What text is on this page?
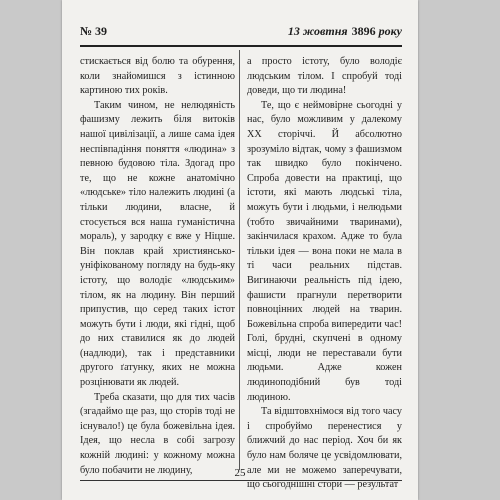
№ 39	13 жовтня 3896 року

стискається від болю та обурення, коли знайомишся з істинною картиною тих років.

Таким чином, не нелюдяність фашизму лежить біля витоків нашої цивілізації, а лише сама ідея неспівпадіння поняття «людина» з певною будовою тіла. Здогад про те, що не кожне анатомічно «людське» тіло належить людині (а тільки людини, власне, й стосується вся наша гуманістична мораль), у зародку є вже у Ніцше. Він поклав край християнсько-уніфікованому погляду на будь-яку істоту, що володіє «людським» тілом, як на людину. Він перший припустив, що серед таких істот можуть бути і люди, які гідні, щоб до них ставилися як до людей (надлюди), так і представники другого ґатунку, яких не можна розцінювати як людей.

Треба сказати, що для тих часів (згадаймо ще раз, що сторів тоді не існувало!) це була божевільна ідея. Ідея, що несла в собі загрозу кожній людині: у кожному можна було побачити не людину,

а просто істоту, було володіє людським тілом. І спробуй тоді доведи, що ти людина!

Те, що є неймовірне сьогодні у нас, було можливим у далекому XX сторіччі. Й абсолютно зрозуміло відтак, чому з фашизмом так швидко було покінчено. Спроба довести на практиці, що істоти, які мають людські тіла, можуть бути і людьми, і нелюдьми (тобто звичайними тваринами), закінчилася крахом. Адже то була тільки ідея — вона поки не мала в ті часи реальних підстав. Вигинаючи реальність під ідею, фашисти прагнули перетворити повноцінних людей на тварин. Божевільна спроба випередити час! Голі, брудні, скупчені в одному місці, люди не переставали бути людьми. Адже кожен людиноподібний був тоді людиною.

Та відштовхнімося від того часу і спробуймо перенестися у ближчий до нас період. Хоч би як було нам боляче це усвідомлювати, але ми не можемо заперечувати, що сьогоднішні стори — результат

25
